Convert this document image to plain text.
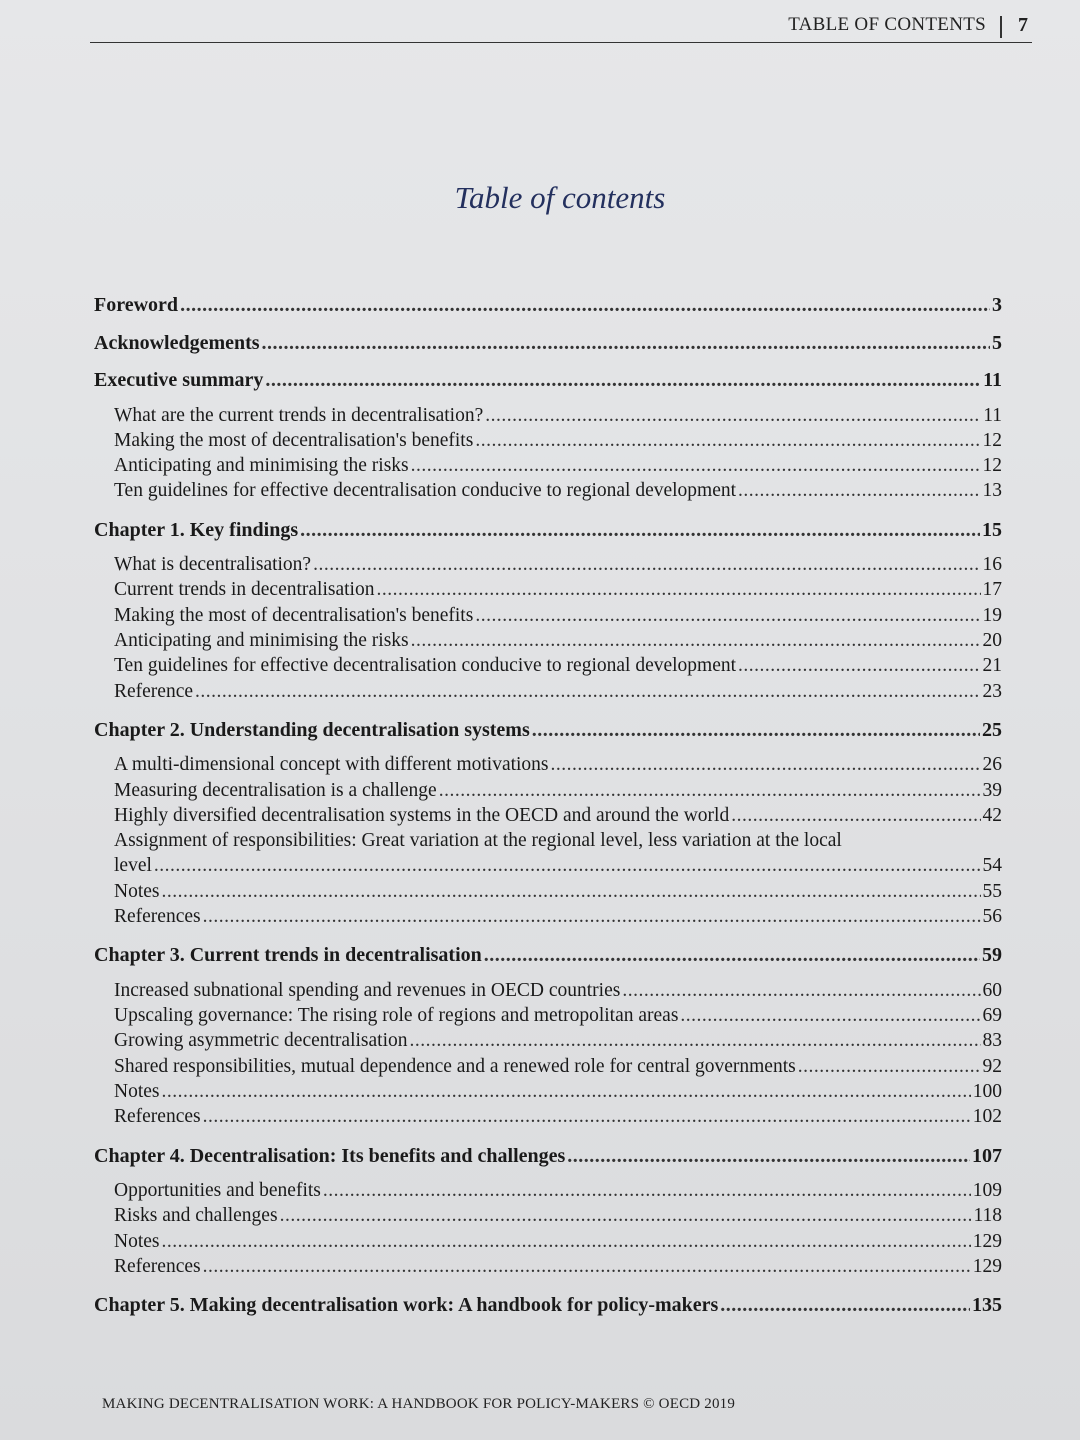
TABLE OF CONTENTS 7
Table of contents
Foreword .....	3
Acknowledgements .....	5
Executive summary .....	11
What are the current trends in decentralisation? .....	11
Making the most of decentralisation's benefits .....	12
Anticipating and minimising the risks .....	12
Ten guidelines for effective decentralisation conducive to regional development .....	13
Chapter 1. Key findings .....	15
What is decentralisation? .....	16
Current trends in decentralisation .....	17
Making the most of decentralisation's benefits .....	19
Anticipating and minimising the risks .....	20
Ten guidelines for effective decentralisation conducive to regional development .....	21
Reference .....	23
Chapter 2. Understanding decentralisation systems .....	25
A multi-dimensional concept with different motivations .....	26
Measuring decentralisation is a challenge .....	39
Highly diversified decentralisation systems in the OECD and around the world .....	42
Assignment of responsibilities: Great variation at the regional level, less variation at the local
level .....	54
Notes .....	55
References .....	56
Chapter 3. Current trends in decentralisation .....	59
Increased subnational spending and revenues in OECD countries .....	60
Upscaling governance: The rising role of regions and metropolitan areas .....	69
Growing asymmetric decentralisation .....	83
Shared responsibilities, mutual dependence and a renewed role for central governments .....	92
Notes .....	100
References .....	102
Chapter 4. Decentralisation: Its benefits and challenges .....	107
Opportunities and benefits .....	109
Risks and challenges .....	118
Notes .....	129
References .....	129
Chapter 5. Making decentralisation work: A handbook for policy-makers .....	135
MAKING DECENTRALISATION WORK: A HANDBOOK FOR POLICY-MAKERS © OECD 2019
